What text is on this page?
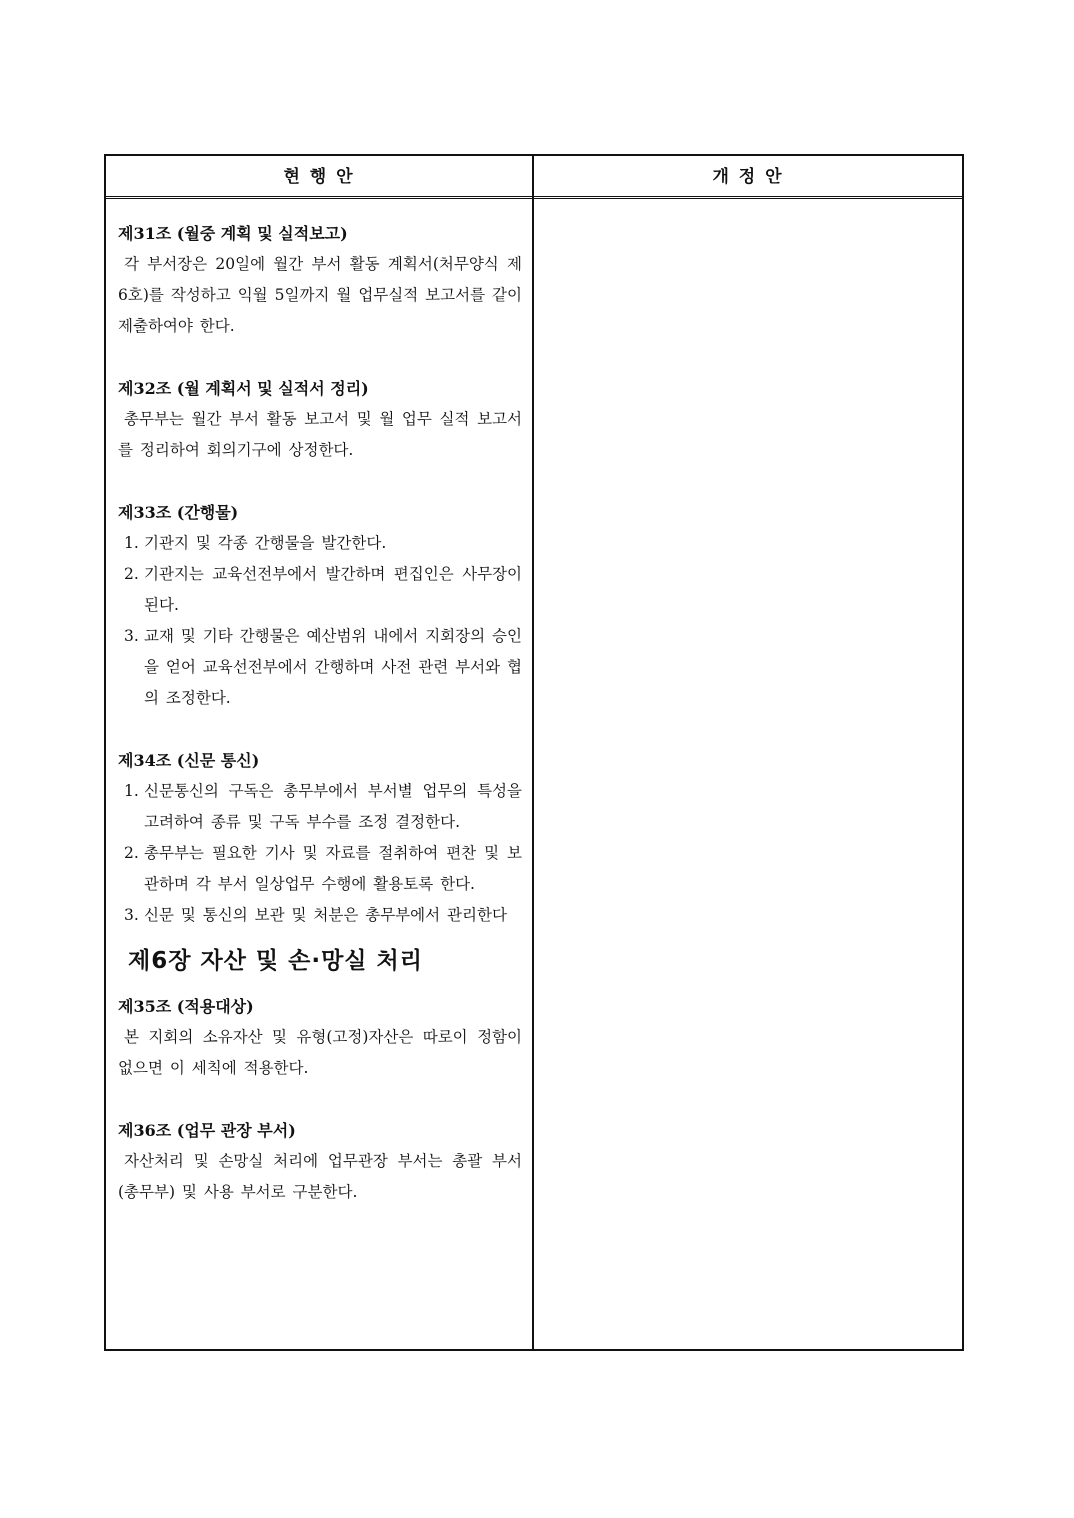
현 행 안	개 정 안

제31조 (월중 계획 및 실적보고)

각 부서장은 20일에 월간 부서 활동 계획서(처무양식 제6호)를 작성하고 익월 5일까지 월 업무실적 보고서를 같이 제출하여야 한다.

제32조 (월 계획서 및 실적서 정리)

총무부는 월간 부서 활동 보고서 및 월 업무 실적 보고서를 정리하여 회의기구에 상정한다.

제33조 (간행물)

1. 기관지 및 각종 간행물을 발간한다.
2. 기관지는 교육선전부에서 발간하며 편집인은 사무장이 된다.
3. 교재 및 기타 간행물은 예산범위 내에서 지회장의 승인을 얻어 교육선전부에서 간행하며 사전 관련 부서와 협의 조정한다.

제34조 (신문 통신)

1. 신문통신의 구독은 총무부에서 부서별 업무의 특성을 고려하여 종류 및 구독 부수를 조정 결정한다.
2. 총무부는 필요한 기사 및 자료를 절취하여 편찬 및 보관하며 각 부서 일상업무 수행에 활용토록 한다.
3. 신문 및 통신의 보관 및 처분은 총무부에서 관리한다
제6장 자산 및 손·망실 처리

제35조 (적용대상)

본 지회의 소유자산 및 유형(고정)자산은 따로이 정함이 없으면 이 세칙에 적용한다.

제36조 (업무 관장 부서)

자산처리 및 손망실 처리에 업무관장 부서는 총괄 부서(총무부) 및 사용 부서로 구분한다.
